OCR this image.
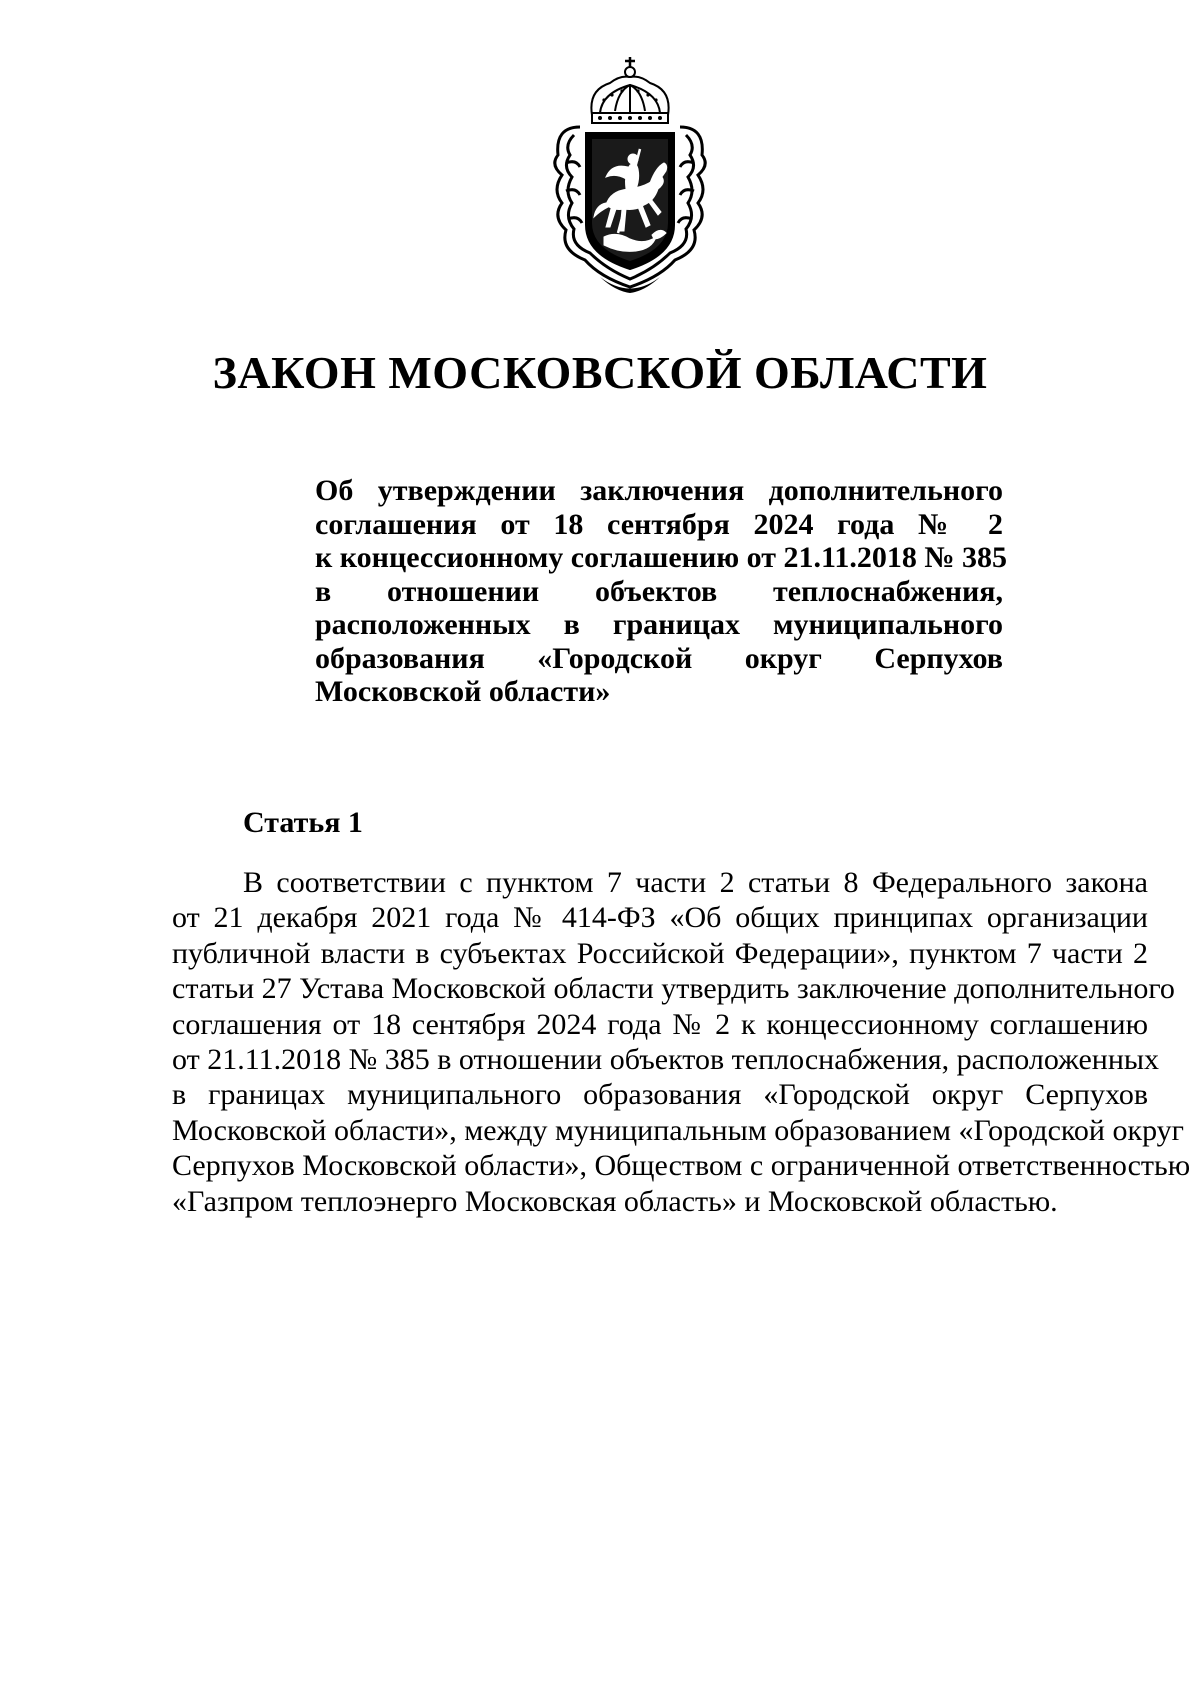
ЗАКОН МОСКОВСКОЙ ОБЛАСТИ
Об утверждении заключения дополнительного
соглашения от 18 сентября 2024 года № 2
к концессионному соглашению от 21.11.2018 № 385
в отношении объектов теплоснабжения,
расположенных в границах муниципального
образования «Городской округ Серпухов
Московской области»
Статья 1
В соответствии с пунктом 7 части 2 статьи 8 Федерального закона
от 21 декабря 2021 года № 414-ФЗ «Об общих принципах организации
публичной власти в субъектах Российской Федерации», пунктом 7 части 2
статьи 27 Устава Московской области утвердить заключение дополнительного
соглашения от 18 сентября 2024 года № 2 к концессионному соглашению
от 21.11.2018 № 385 в отношении объектов теплоснабжения, расположенных
в границах муниципального образования «Городской округ Серпухов
Московской области», между муниципальным образованием «Городской округ
Серпухов Московской области», Обществом с ограниченной ответственностью
«Газпром теплоэнерго Московская область» и Московской областью.
